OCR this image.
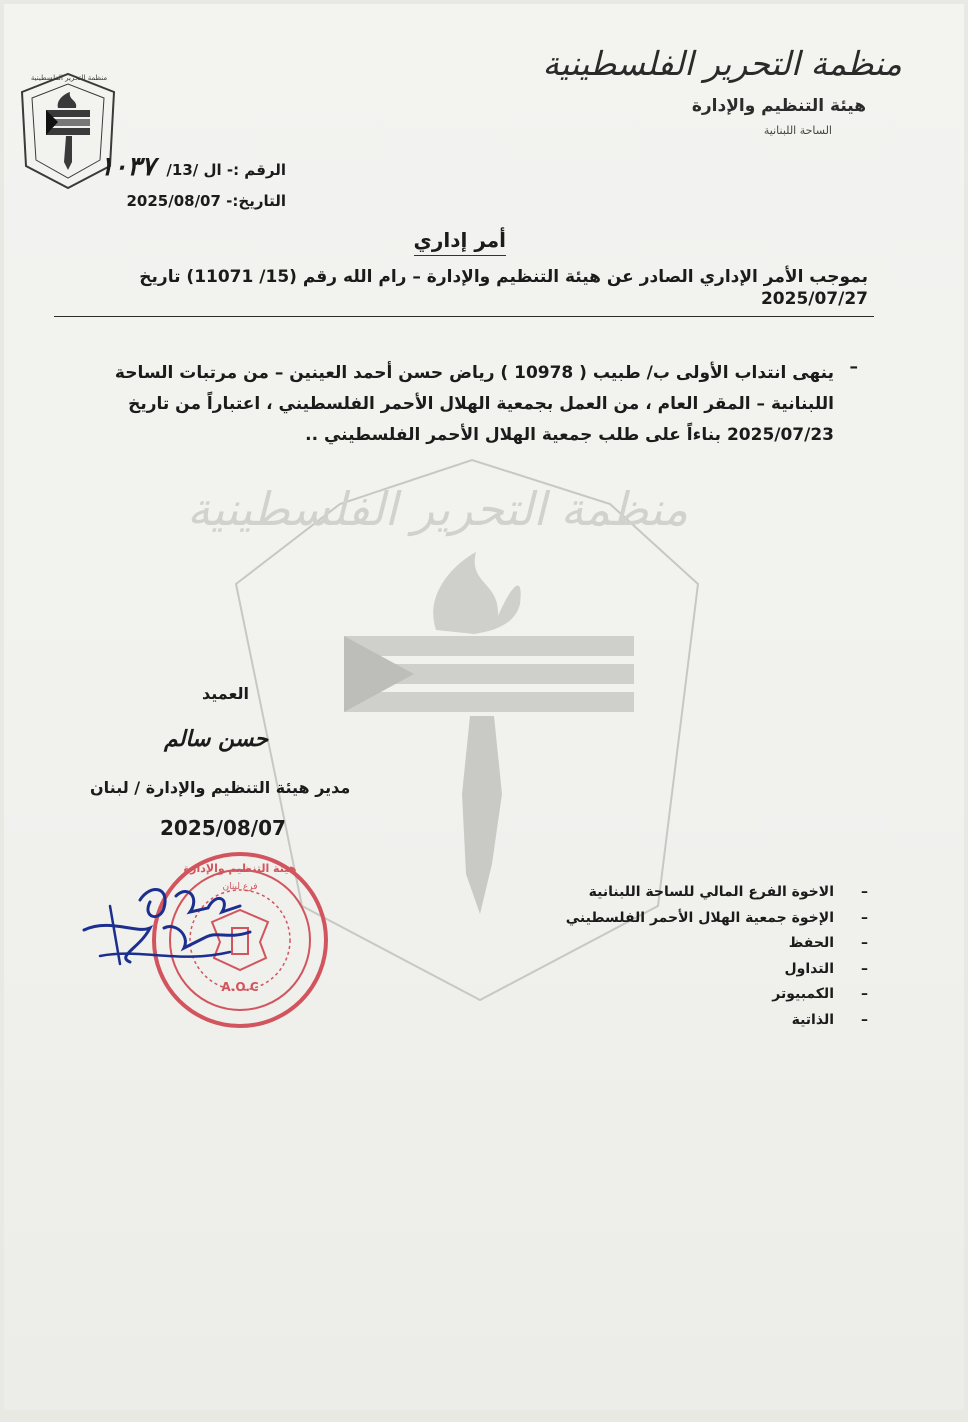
منظمة التحرير الفلسطينية
منظمة التحرير الفلسطينية	منظمة التحرير الفلسطينية
هيئة التنظيم والإدارة
الساحة اللبنانية
الرقم :- ال /13/ ١٠٣٧
التاريخ:- 2025/08/07
أمر إداري
بموجب الأمر الإداري الصادر عن هيئة التنظيم والإدارة – رام الله رقم (15/ 11071) تاريخ 2025/07/27
–
ينهى انتداب الأولى ب/ طبيب ( 10978 ) رياض حسن أحمد العينين – من مرتبات الساحة اللبنانية – المقر العام ، من العمل بجمعية الهلال الأحمر الفلسطيني ، اعتباراً من تاريخ 2025/07/23 بناءاً على طلب جمعية الهلال الأحمر الفلسطيني ..
العميد
حسن سالم
مدير هيئة التنظيم والإدارة / لبنان
2025/08/07
هيئة التنظيم والإدارة
فرع لبنان
A.O.C
–
الاخوة الفرع المالي للساحة اللبنانية
–
الإخوة جمعية الهلال الأحمر الفلسطيني
–
الحفظ
–
التداول
–
الكمبيوتر
–
الذاتية
